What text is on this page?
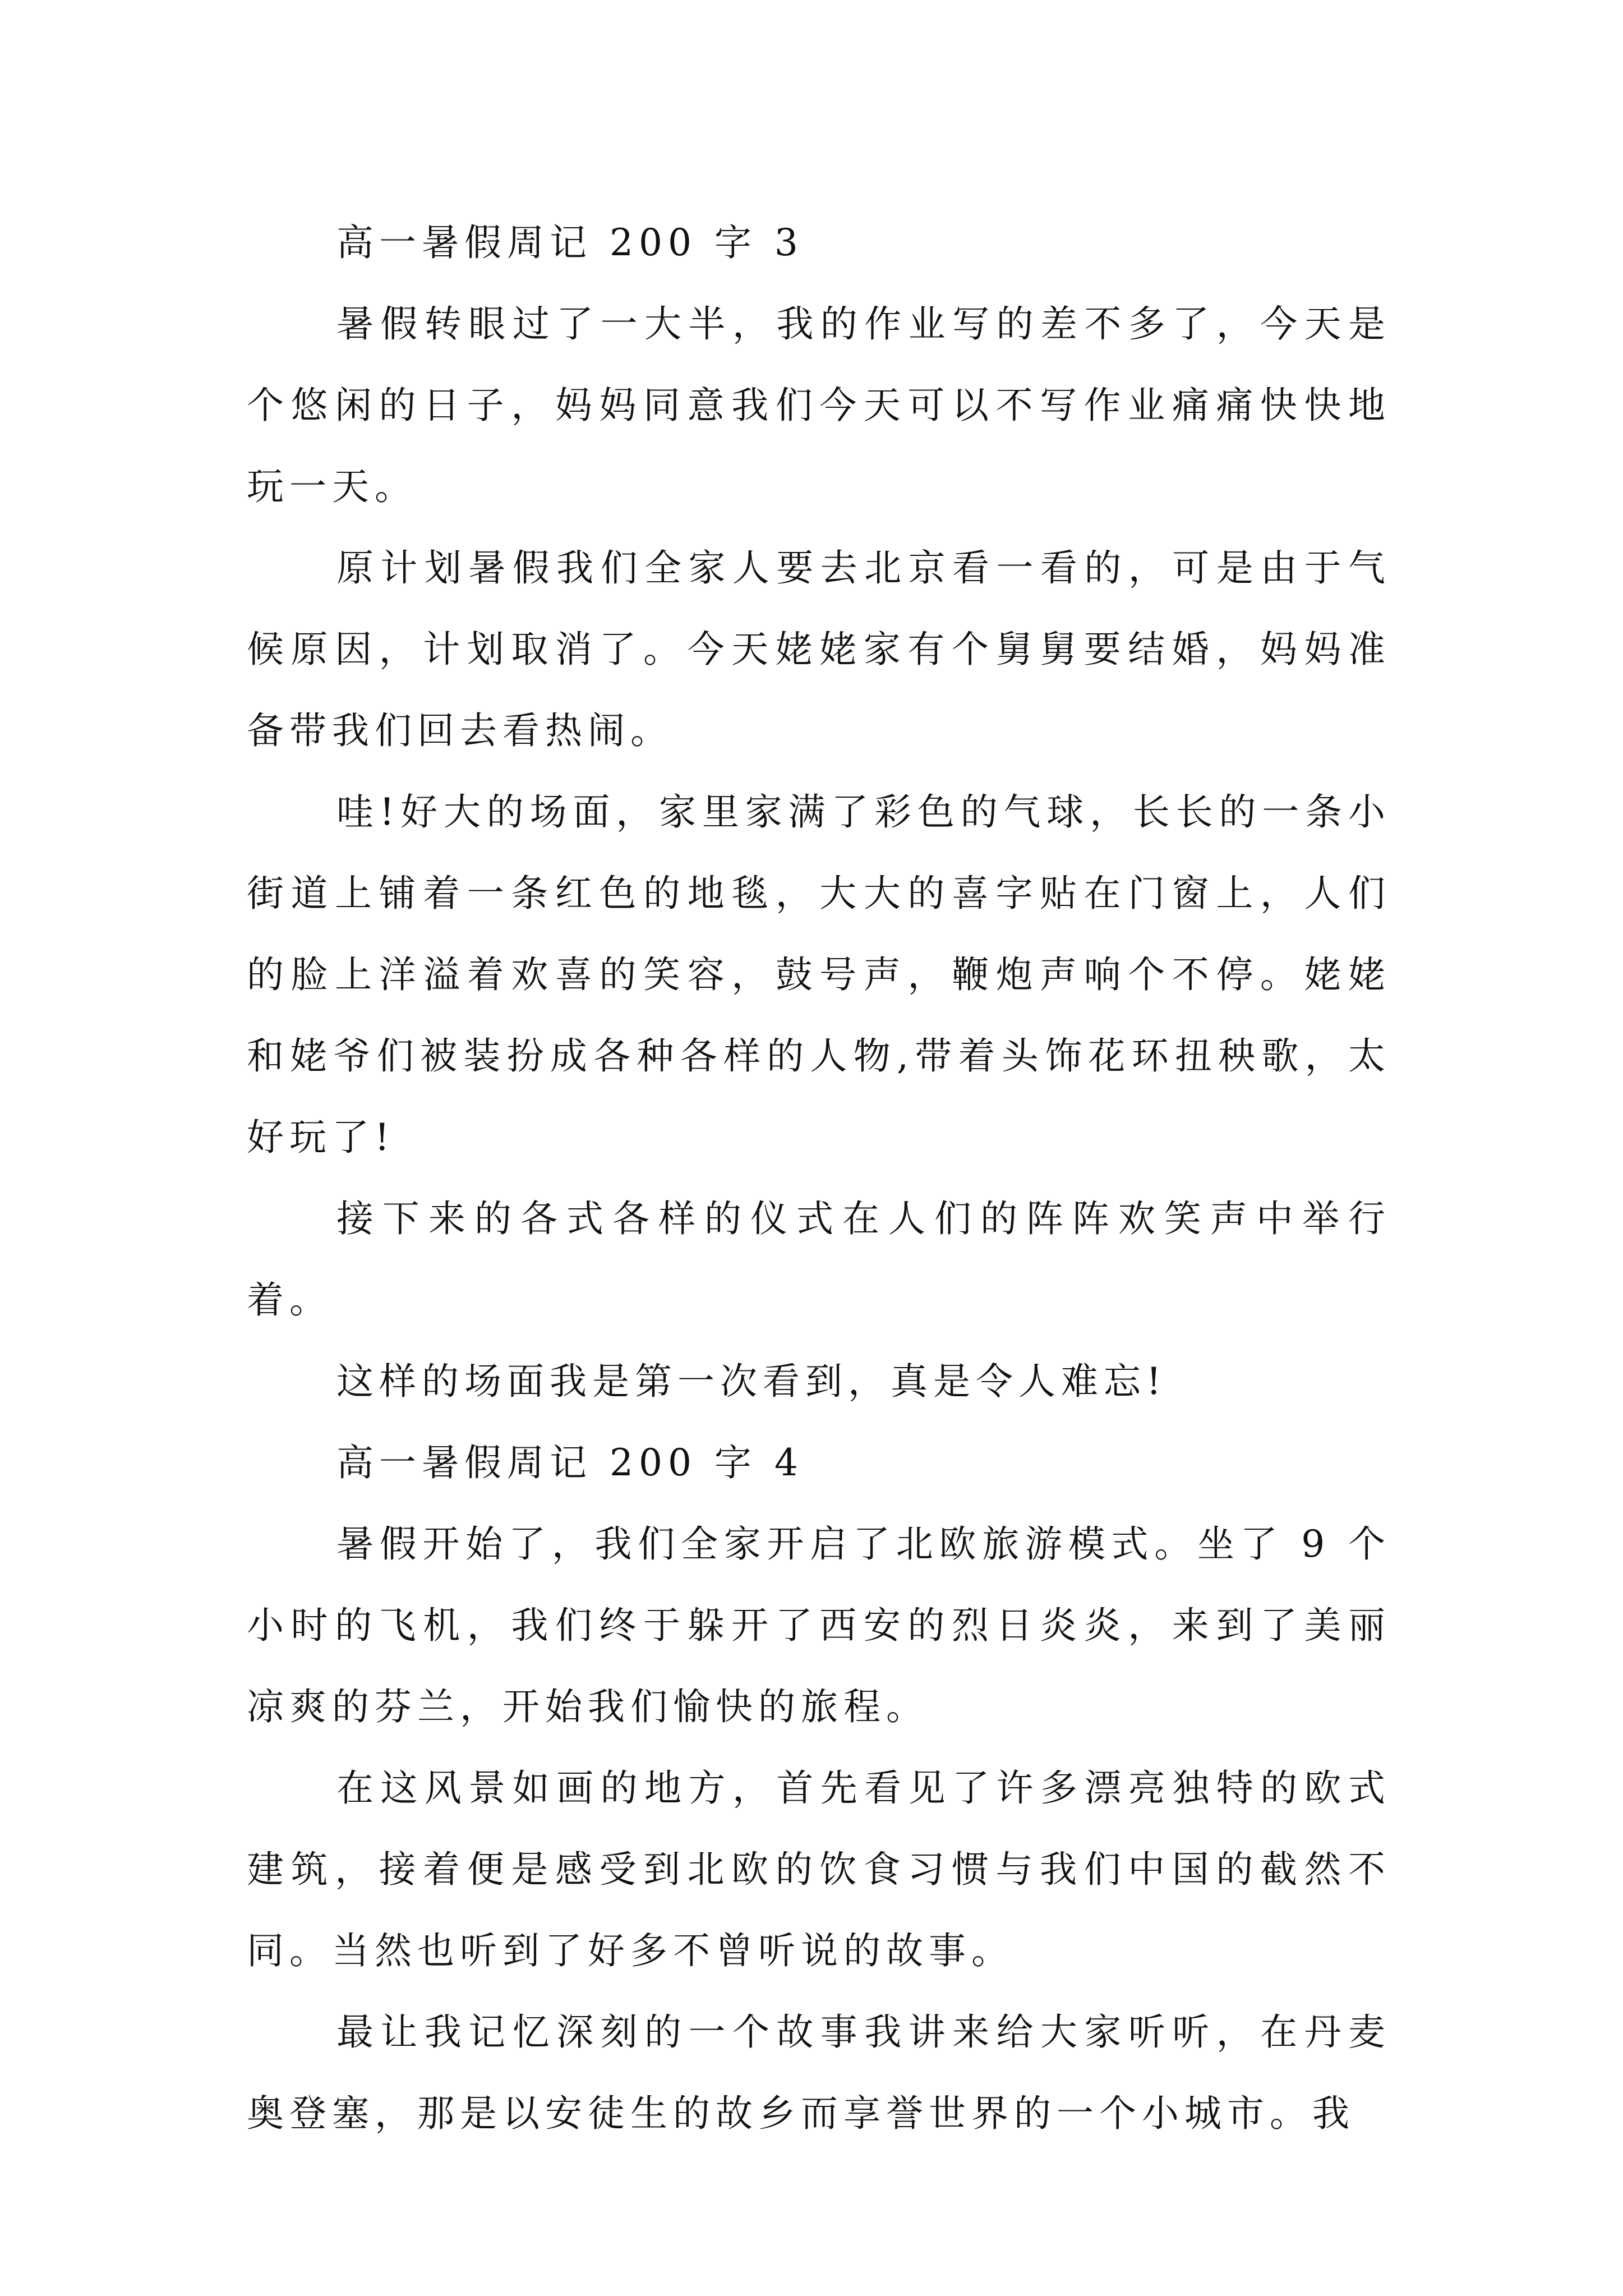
高一暑假周记 200 字 3

暑假转眼过了一大半，我的作业写的差不多了，今天是个悠闲的日子，妈妈同意我们今天可以不写作业痛痛快快地玩一天。

原计划暑假我们全家人要去北京看一看的，可是由于气候原因，计划取消了。今天姥姥家有个舅舅要结婚，妈妈准备带我们回去看热闹。

哇!好大的场面，家里家满了彩色的气球，长长的一条小街道上铺着一条红色的地毯，大大的喜字贴在门窗上，人们的脸上洋溢着欢喜的笑容，鼓号声，鞭炮声响个不停。姥姥和姥爷们被装扮成各种各样的人物,带着头饰花环扭秧歌，太好玩了!

接下来的各式各样的仪式在人们的阵阵欢笑声中举行着。

这样的场面我是第一次看到，真是令人难忘!

高一暑假周记 200 字 4

暑假开始了，我们全家开启了北欧旅游模式。坐了 9 个小时的飞机，我们终于躲开了西安的烈日炎炎，来到了美丽凉爽的芬兰，开始我们愉快的旅程。

在这风景如画的地方，首先看见了许多漂亮独特的欧式建筑，接着便是感受到北欧的饮食习惯与我们中国的截然不同。当然也听到了好多不曾听说的故事。

最让我记忆深刻的一个故事我讲来给大家听听，在丹麦奥登塞，那是以安徒生的故乡而享誉世界的一个小城市。我
